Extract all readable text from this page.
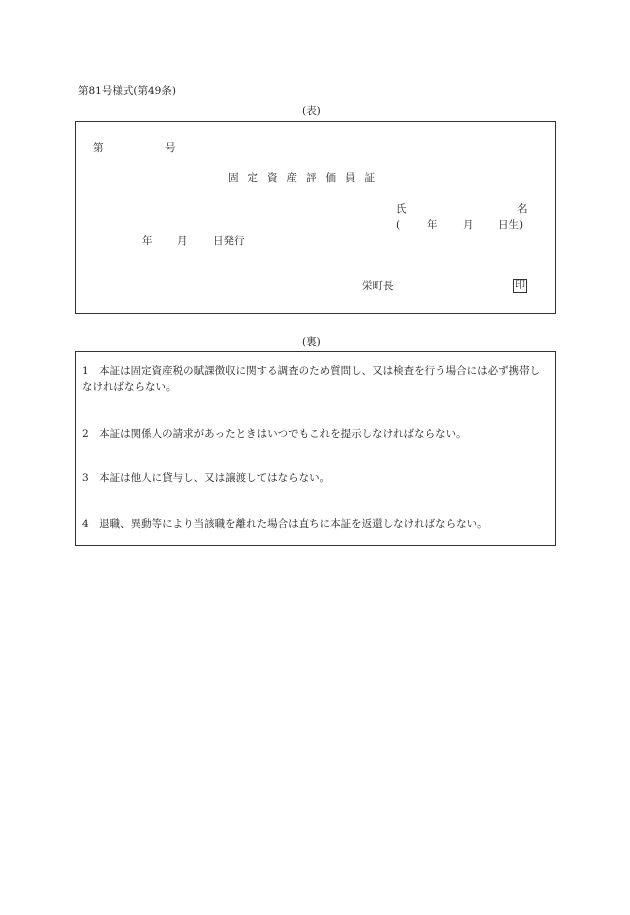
第81号様式(第49条)
(表)
第	号
固定資産評価員証
氏	名
(	年 月 日生)
年 月 日発行
栄町長	印
(裏)
1　本証は固定資産税の賦課徴収に関する調査のため質問し、又は検査を行う場合には必ず携帯しなければならない。
2　本証は関係人の請求があったときはいつでもこれを提示しなければならない。
3　本証は他人に貸与し、又は譲渡してはならない。
4　退職、異動等により当該職を離れた場合は直ちに本証を返還しなければならない。
